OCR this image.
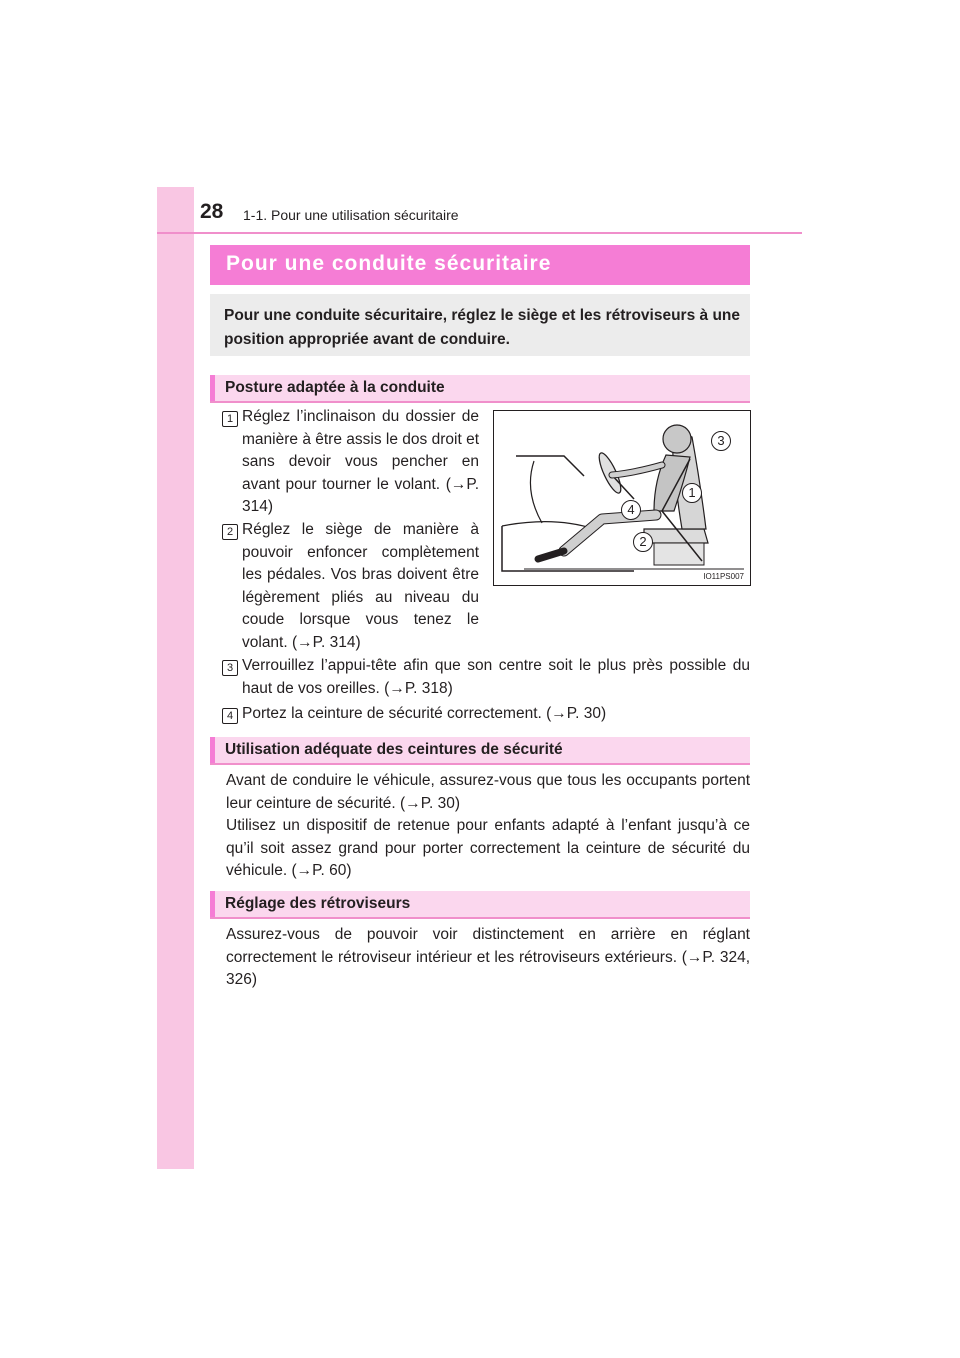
28 1-1. Pour une utilisation sécuritaire
Pour une conduite sécuritaire
Pour une conduite sécuritaire, réglez le siège et les rétroviseurs à une position appropriée avant de conduire.
Posture adaptée à la conduite
1 Réglez l’inclinaison du dossier de manière à être assis le dos droit et sans devoir vous pencher en avant pour tourner le volant. (→P. 314)
2 Réglez le siège de manière à pouvoir enfoncer complètement les pédales. Vos bras doivent être légèrement pliés au niveau du coude lorsque vous tenez le volant. (→P. 314)
3
1
4
2
IO11PS007
3 Verrouillez l’appui-tête afin que son centre soit le plus près possible du haut de vos oreilles. (→P. 318)
4 Portez la ceinture de sécurité correctement. (→P. 30)
Utilisation adéquate des ceintures de sécurité
Avant de conduire le véhicule, assurez-vous que tous les occupants portent leur ceinture de sécurité. (→P. 30)
Utilisez un dispositif de retenue pour enfants adapté à l’enfant jusqu’à ce qu’il soit assez grand pour porter correctement la ceinture de sécurité du véhicule. (→P. 60)
Réglage des rétroviseurs
Assurez-vous de pouvoir voir distinctement en arrière en réglant correctement le rétroviseur intérieur et les rétroviseurs extérieurs. (→P. 324, 326)
